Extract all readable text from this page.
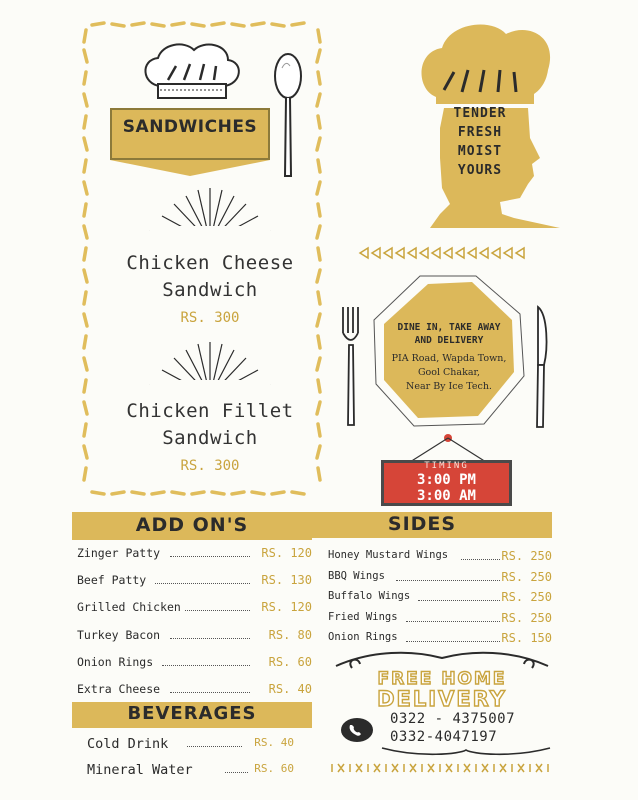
SANDWICHES
Chicken Cheese
Sandwich
RS. 300
Chicken Fillet
Sandwich
RS. 300
TENDER
FRESH
MOIST
YOURS
DINE IN, TAKE AWAY
AND DELIVERY
PIA Road, Wapda Town,
Gool Chakar,
Near By Ice Tech.
TIMING
3:00 PM
3:00 AM
ADD ON'S
Zinger Patty	RS. 120
Beef Patty	RS. 130
Grilled Chicken	RS. 120
Turkey Bacon	RS. 80
Onion Rings	RS. 60
Extra Cheese	RS. 40
BEVERAGES
Cold Drink	RS. 40
Mineral Water	RS. 60
SIDES
Honey Mustard Wings	RS. 250
BBQ Wings	RS. 250
Buffalo Wings	RS. 250
Fried Wings	RS. 250
Onion Rings	RS. 150
FREE HOME
DELIVERY
0322 - 4375007
0332-4047197
